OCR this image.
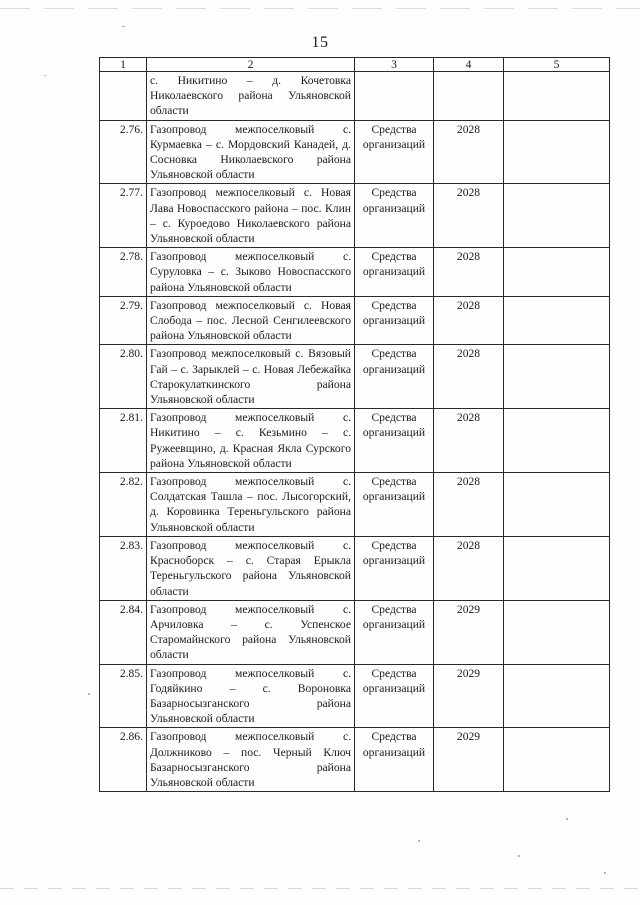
15
1	2	3	4	5
	с. Никитино – д. Кочетовка Николаевского района Ульяновской области			
2.76.	Газопровод межпоселковый с. Курмаевка – с. Мордовский Канадей, д. Сосновка Николаевского района Ульяновской области	Средства организаций	2028	
2.77.	Газопровод межпоселковый с. Новая Лава Новоспасского района – пос. Клин – с. Куроедово Николаевского района Ульяновской области	Средства организаций	2028	
2.78.	Газопровод межпоселковый с. Суруловка – с. Зыково Новоспасского района Ульяновской области	Средства организаций	2028	
2.79.	Газопровод межпоселковый с. Новая Слобода – пос. Лесной Сенгилеевского района Ульяновской области	Средства организаций	2028	
2.80.	Газопровод межпоселковый с. Вязовый Гай – с. Зарыклей – с. Новая Лебежайка Старокулаткинского района Ульяновской области	Средства организаций	2028	
2.81.	Газопровод межпоселковый с. Никитино – с. Кезьмино – с. Ружеевщино, д. Красная Якла Сурского района Ульяновской области	Средства организаций	2028	
2.82.	Газопровод межпоселковый с. Солдатская Ташла – пос. Лысогорский, д. Коровинка Тереньгульского района Ульяновской области	Средства организаций	2028	
2.83.	Газопровод межпоселковый с. Красноборск – с. Старая Ерыкла Тереньгульского района Ульяновской области	Средства организаций	2028	
2.84.	Газопровод межпоселковый с. Арчиловка – с. Успенское Старомайнского района Ульяновской области	Средства организаций	2029	
2.85.	Газопровод межпоселковый с. Годяйкино – с. Вороновка Базарносызганского района Ульяновской области	Средства организаций	2029	
2.86.	Газопровод межпоселковый с. Должниково – пос. Черный Ключ Базарносызганского района Ульяновской области	Средства организаций	2029	
